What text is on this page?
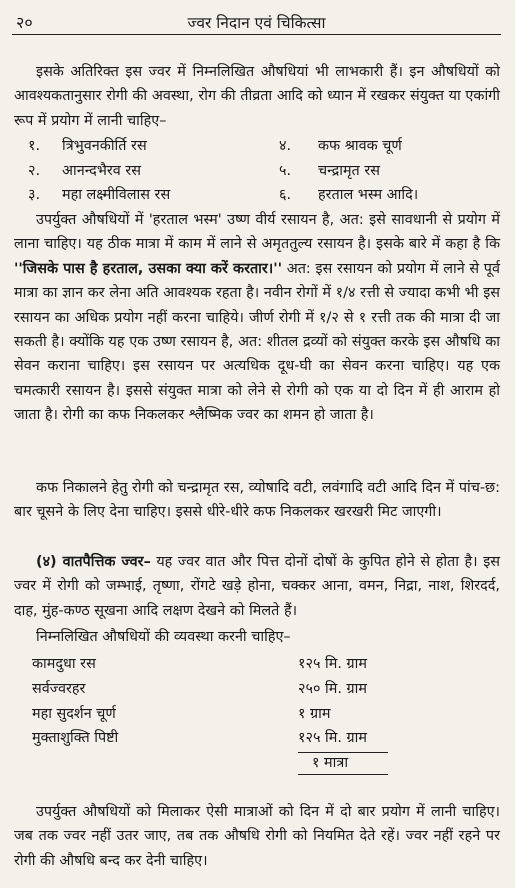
२०	ज्वर निदान एवं चिकित्सा

इसके अतिरिक्त इस ज्वर में निम्नलिखित औषधियां भी लाभकारी हैं। इन औषधियों को आवश्यकतानुसार रोगी की अवस्था, रोग की तीव्रता आदि को ध्यान में रखकर संयुक्त या एकांगी रूप में प्रयोग में लानी चाहिए–

१. त्रिभुवनकीर्ति रस	४. कफ श्रावक चूर्ण
२. आनन्दभैरव रस	५. चन्द्रामृत रस
३. महा लक्ष्मीविलास रस	६. हरताल भस्म आदि।

उपर्युक्त औषधियों में 'हरताल भस्म' उष्ण वीर्य रसायन है, अत: इसे सावधानी से प्रयोग में लाना चाहिए। यह ठीक मात्रा में काम में लाने से अमृततुल्य रसायन है। इसके बारे में कहा है कि ''जिसके पास है हरताल, उसका क्या करें करतार।'' अत: इस रसायन को प्रयोग में लाने से पूर्व मात्रा का ज्ञान कर लेना अति आवश्यक रहता है। नवीन रोगों में १/४ रत्ती से ज्यादा कभी भी इस रसायन का अधिक प्रयोग नहीं करना चाहिये। जीर्ण रोगी में १/२ से १ रत्ती तक की मात्रा दी जा सकती है। क्योंकि यह एक उष्ण रसायन है, अत: शीतल द्रव्यों को संयुक्त करके इस औषधि का सेवन कराना चाहिए। इस रसायन पर अत्यधिक दूध-घी का सेवन करना चाहिए। यह एक चमत्कारी रसायन है। इससे संयुक्त मात्रा को लेने से रोगी को एक या दो दिन में ही आराम हो जाता है। रोगी का कफ निकलकर श्लैष्मिक ज्वर का शमन हो जाता है।

कफ निकालने हेतु रोगी को चन्द्रामृत रस, व्योषादि वटी, लवंगादि वटी आदि दिन में पांच-छ: बार चूसने के लिए देना चाहिए। इससे धीरे-धीरे कफ निकलकर खरखरी मिट जाएगी।

(४) वातपैत्तिक ज्वर– यह ज्वर वात और पित्त दोनों दोषों के कुपित होने से होता है। इस ज्वर में रोगी को जम्भाई, तृष्णा, रोंगटे खड़े होना, चक्कर आना, वमन, निद्रा, नाश, शिरदर्द, दाह, मुंह-कण्ठ सूखना आदि लक्षण देखने को मिलते हैं।

निम्नलिखित औषधियों की व्यवस्था करनी चाहिए–
कामदुधा रस	१२५ मि. ग्राम
सर्वज्वरहर	२५० मि. ग्राम
महा सुदर्शन चूर्ण	१ ग्राम
मुक्ताशुक्ति पिष्टी	१२५ मि. ग्राम
१ मात्रा

उपर्युक्त औषधियों को मिलाकर ऐसी मात्राओं को दिन में दो बार प्रयोग में लानी चाहिए। जब तक ज्वर नहीं उतर जाए, तब तक औषधि रोगी को नियमित देते रहें। ज्वर नहीं रहने पर रोगी की औषधि बन्द कर देनी चाहिए।
